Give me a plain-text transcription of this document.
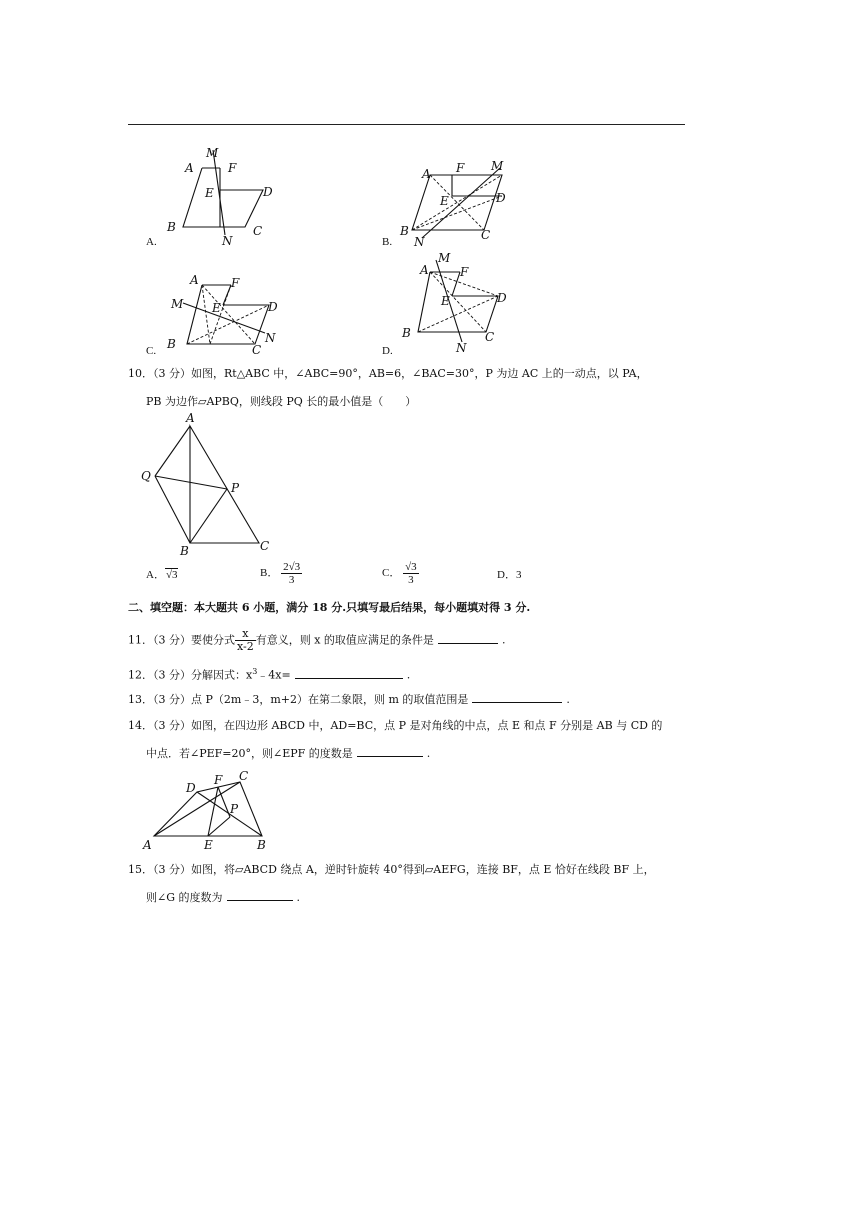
A
M
F
E	D
B	C
N
A.
A F M
E	D
B	C
N
B.
A	F
M E	D
N
B	C
C.
A
M
F
E	D
B	C
N
D.
10．（3 分）如图，Rt△ABC 中，∠ABC=90°，AB=6，∠BAC=30°，P 为边 AC 上的一动点，以 PA，
PB 为边作▱APBQ，则线段 PQ 长的最小值是（　　）
A
Q
P
B	C
A．√3	B． $\frac{2√3}{3}$	C． $\frac{√3}{3}$	D．3
二、填空题：本大题共 6 小题，满分 18 分.只填写最后结果，每小题填对得 3 分.
11．（3 分）要使分式 $\frac{x}{x-2}$ 有意义，则 x 的取值应满足的条件是	.
12．（3 分）分解因式：$x^3﹣4x=$	.
13．（3 分）点 P（2m﹣3，m+2）在第二象限，则 m 的取值范围是	.
14．（3 分）如图，在四边形 ABCD 中，AD=BC，点 P 是对角线的中点，点 E 和点 F 分别是 AB 与 CD 的
中点．若∠PEF=20°，则∠EPF 的度数是	.
D
F C
P
A	E	B
15．（3 分）如图，将▱ABCD 绕点 A，逆时针旋转 40°得到▱AEFG，连接 BF，点 E 恰好在线段 BF 上，
则∠G 的度数为	.
